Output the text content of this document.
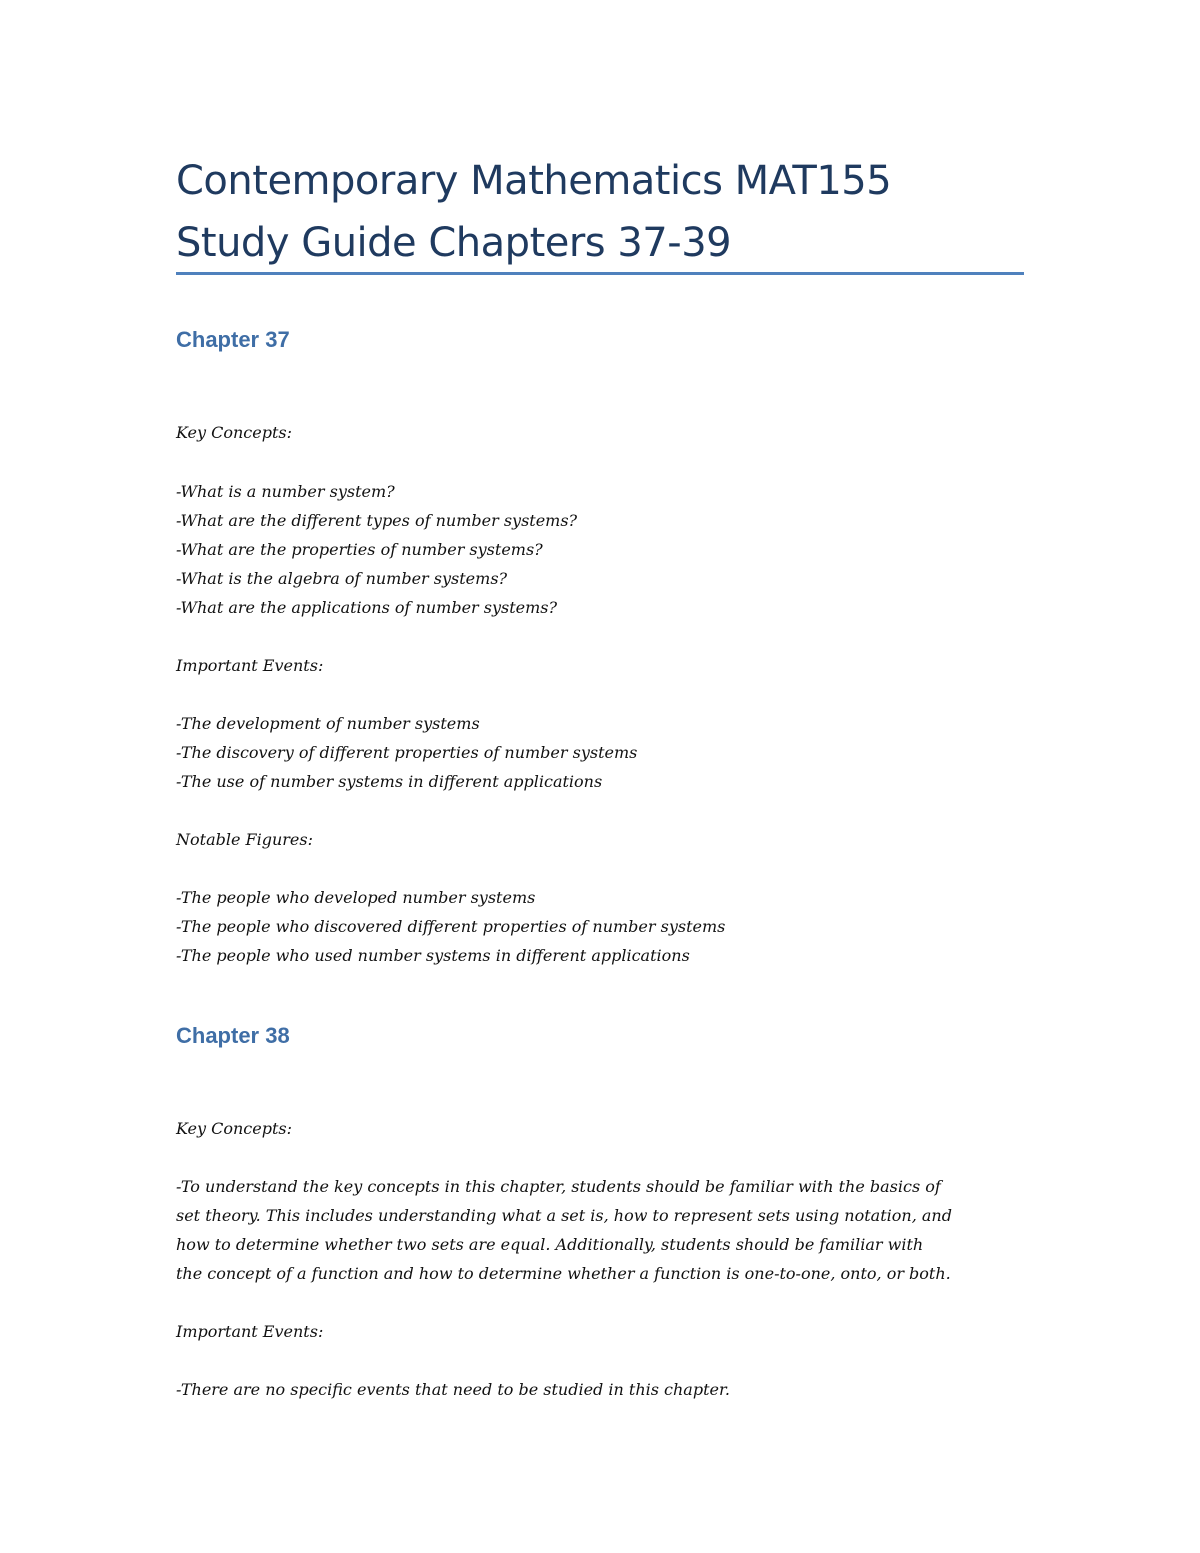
Contemporary Mathematics MAT155
Study Guide Chapters 37-39
Chapter 37
Key Concepts:
-What is a number system?
-What are the different types of number systems?
-What are the properties of number systems?
-What is the algebra of number systems?
-What are the applications of number systems?
Important Events:
-The development of number systems
-The discovery of different properties of number systems
-The use of number systems in different applications
Notable Figures:
-The people who developed number systems
-The people who discovered different properties of number systems
-The people who used number systems in different applications
Chapter 38
Key Concepts:
-To understand the key concepts in this chapter, students should be familiar with the basics of
set theory. This includes understanding what a set is, how to represent sets using notation, and
how to determine whether two sets are equal. Additionally, students should be familiar with
the concept of a function and how to determine whether a function is one-to-one, onto, or both.
Important Events:
-There are no specific events that need to be studied in this chapter.
